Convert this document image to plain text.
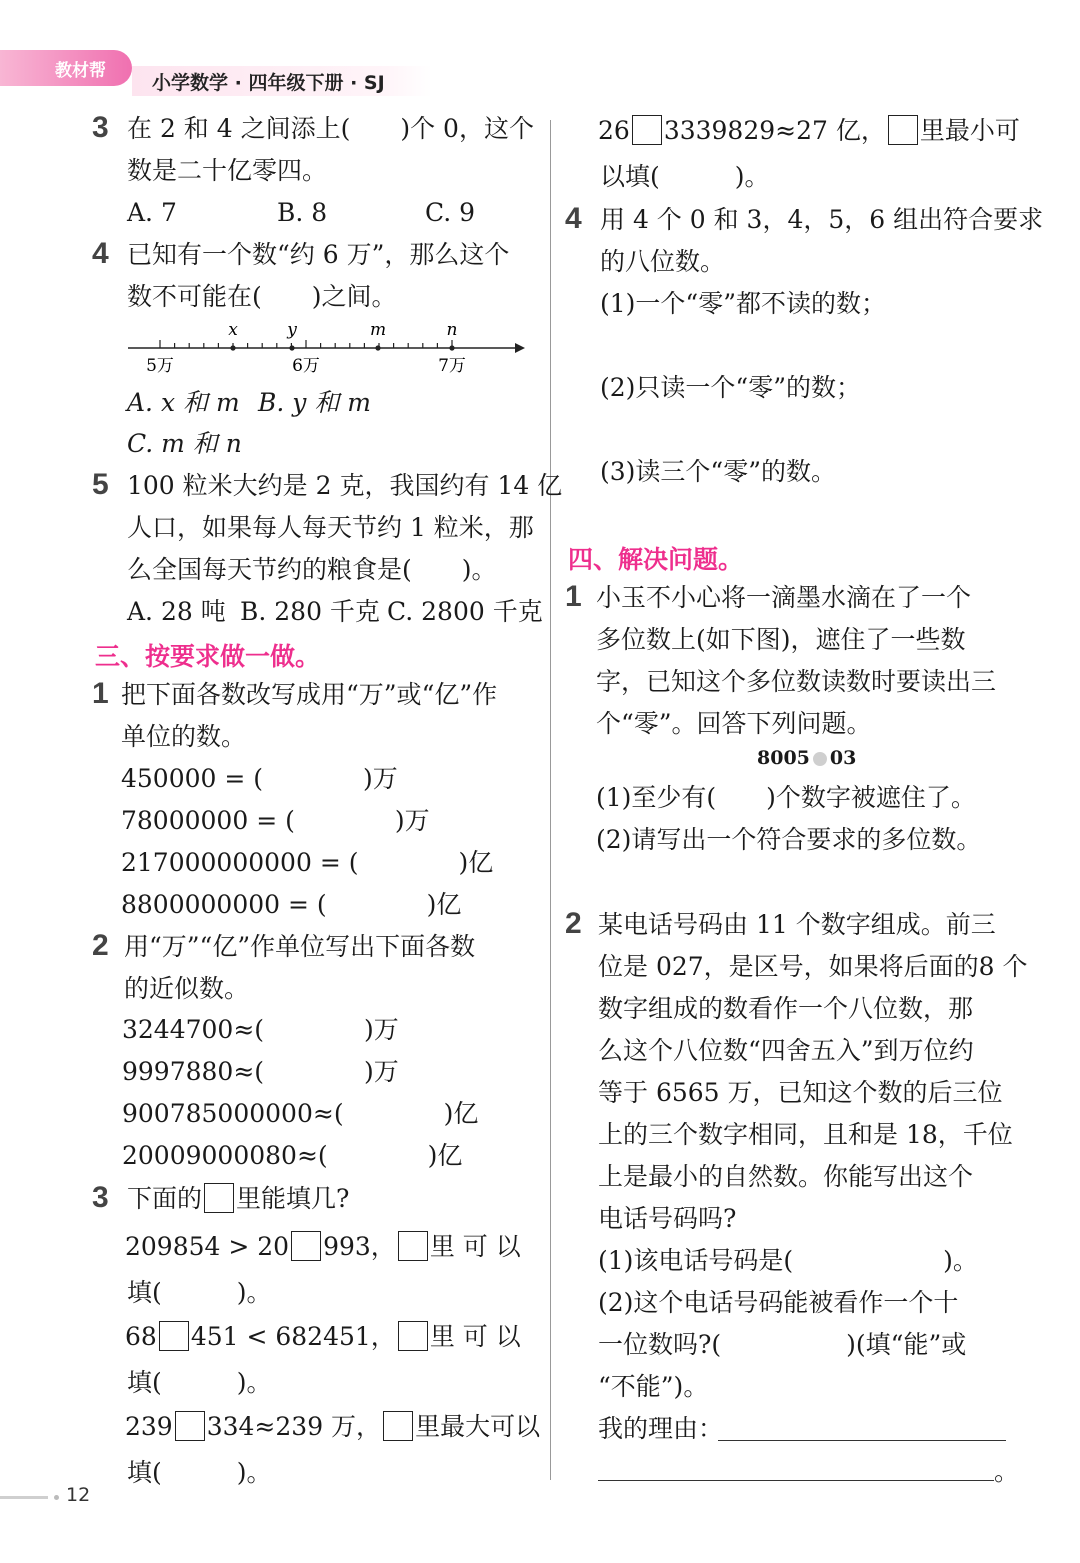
教材帮
小学数学 · 四年级下册 · SJ
3 在 2 和 4 之间添上(　　)个 0，这个
数是二十亿零四。
A. 7	B. 8	C. 9
4 已知有一个数“约 6 万”，那么这个
数不可能在(　　)之间。
x	y	m	n
5万	6万	7万
A. x 和 m B. y 和 m
C. m 和 n
5 100 粒米大约是 2 克，我国约有 14 亿
人口，如果每人每天节约 1 粒米，那
么全国每天节约的粮食是(　　)。
A. 28 吨 B. 280 千克 C. 2800 千克
三、按要求做一做。
1 把下面各数改写成用“万”或“亿”作
单位的数。
450000 = (　　　　)万
78000000 = (　　　　)万
217000000000 = (　　　　)亿
8800000000 = (　　　　)亿
2 用“万”“亿”作单位写出下面各数
的近似数。
3244700≈(　　　　)万
9997880≈(　　　　)万
900785000000≈(　　　　)亿
20009000080≈(　　　　)亿
3 下面的 里能填几?
209854 > 20 993， 里 可 以
填(　　　)。
68 451 < 682451， 里 可 以
填(　　　)。
239 334≈239 万， 里最大可以
填(　　　)。
26 3339829≈27 亿， 里最小可
以填(　　　)。
4 用 4 个 0 和 3，4，5，6 组出符合要求
的八位数。
(1)一个“零”都不读的数；
(2)只读一个“零”的数；
(3)读三个“零”的数。
四、解决问题。
1 小玉不小心将一滴墨水滴在了一个
多位数上(如下图)，遮住了一些数
字，已知这个多位数读数时要读出三
个“零”。回答下列问题。
8005 03
(1)至少有(　　)个数字被遮住了。
(2)请写出一个符合要求的多位数。
2 某电话号码由 11 个数字组成。前三
位是 027，是区号，如果将后面的8 个
数字组成的数看作一个八位数，那
么这个八位数“四舍五入”到万位约
等于 6565 万，已知这个数的后三位
上的三个数字相同，且和是 18，千位
上是最小的自然数。你能写出这个
电话号码吗?
(1)该电话号码是(　　　　　　)。
(2)这个电话号码能被看作一个十
一位数吗?(　　　　　)(填“能”或
“不能”)。
我的理由：
。
12
